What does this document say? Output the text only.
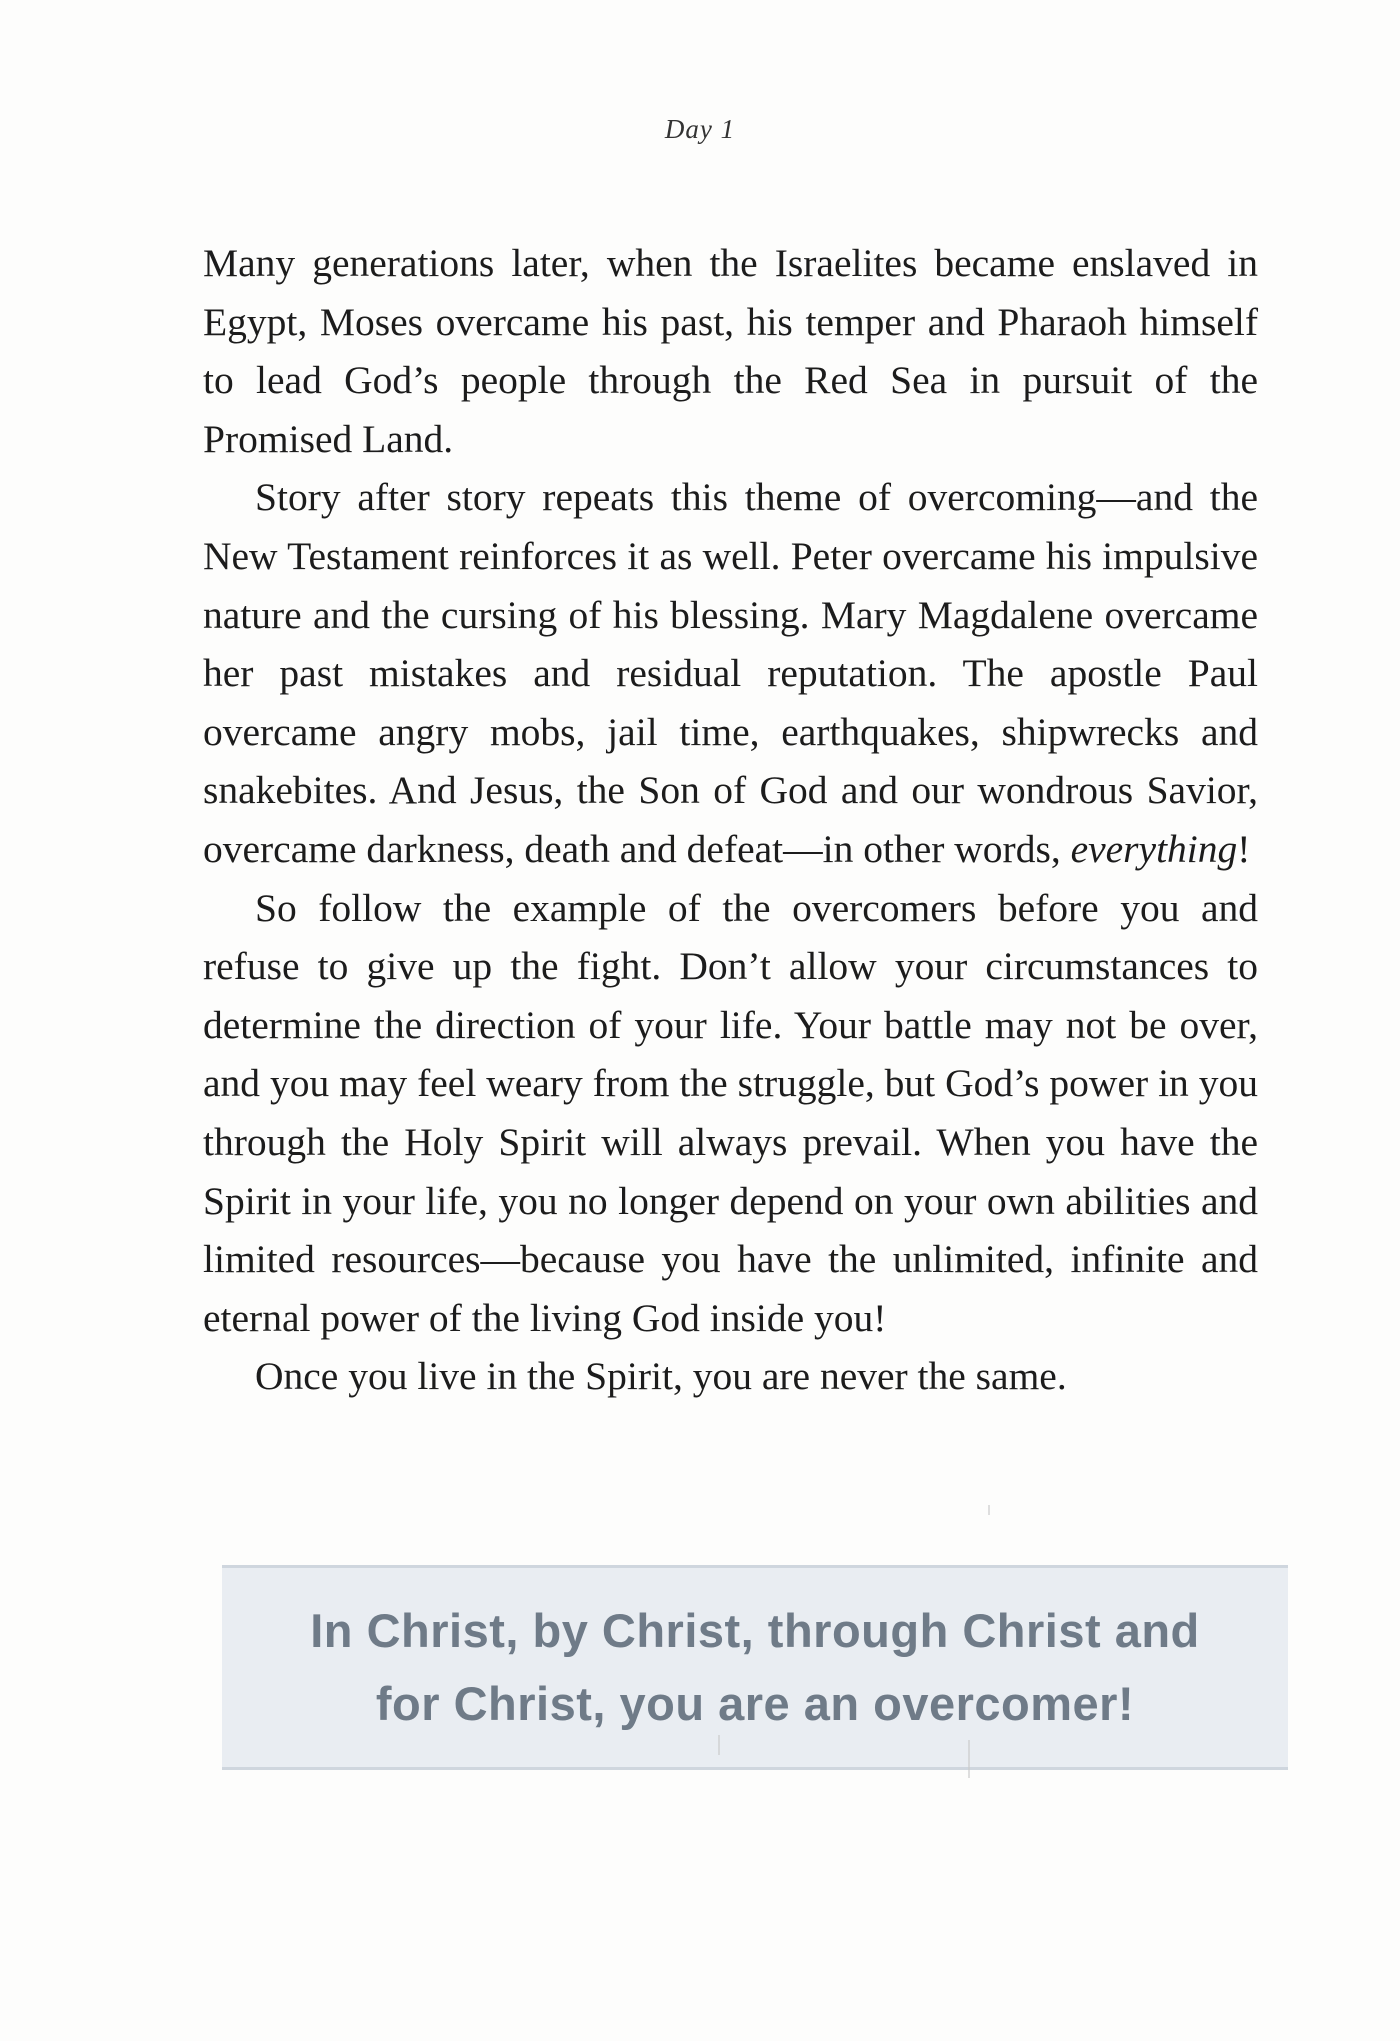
Day 1

Many generations later, when the Israelites became enslaved in Egypt, Moses overcame his past, his temper and Pharaoh himself to lead God’s people through the Red Sea in pursuit of the Promised Land.

Story after story repeats this theme of overcoming—and the New Testament reinforces it as well. Peter overcame his impulsive nature and the cursing of his blessing. Mary Magdalene overcame her past mistakes and residual reputation. The apostle Paul overcame angry mobs, jail time, earthquakes, shipwrecks and snakebites. And Jesus, the Son of God and our wondrous Savior, overcame darkness, death and defeat—in other words, everything!

So follow the example of the overcomers before you and refuse to give up the fight. Don’t allow your circumstances to determine the direction of your life. Your battle may not be over, and you may feel weary from the struggle, but God’s power in you through the Holy Spirit will always prevail. When you have the Spirit in your life, you no longer depend on your own abilities and limited resources—because you have the unlimited, infinite and eternal power of the living God inside you!

Once you live in the Spirit, you are never the same.

In Christ, by Christ, through Christ and
for Christ, you are an overcomer!
